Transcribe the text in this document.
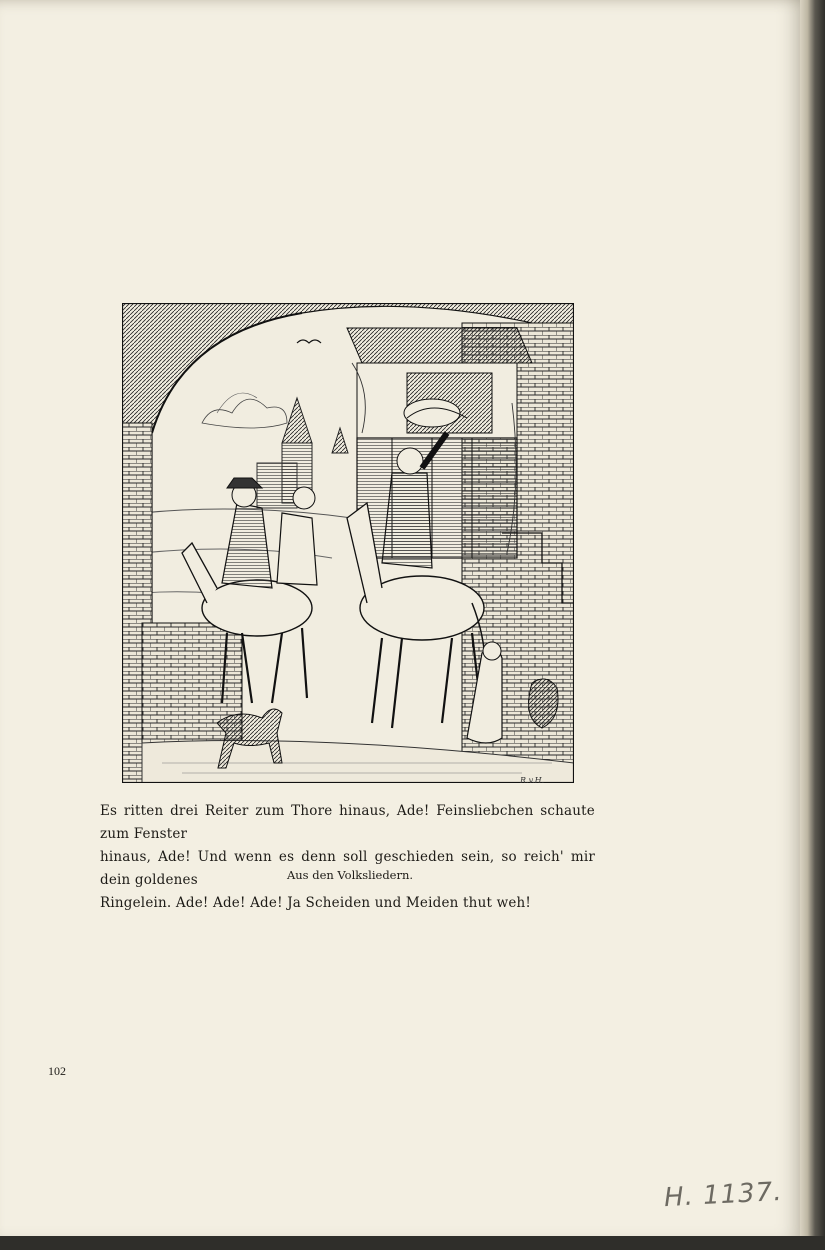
R.v.H.
Es ritten drei Reiter zum Thore hinaus, Ade! Feinsliebchen schaute zum Fenster
hinaus, Ade! Und wenn es denn soll geschieden sein, so reich' mir dein goldenes
Ringelein. Ade! Ade! Ade! Ja Scheiden und Meiden thut weh!
Aus den Volksliedern.
102
H. 1137.
